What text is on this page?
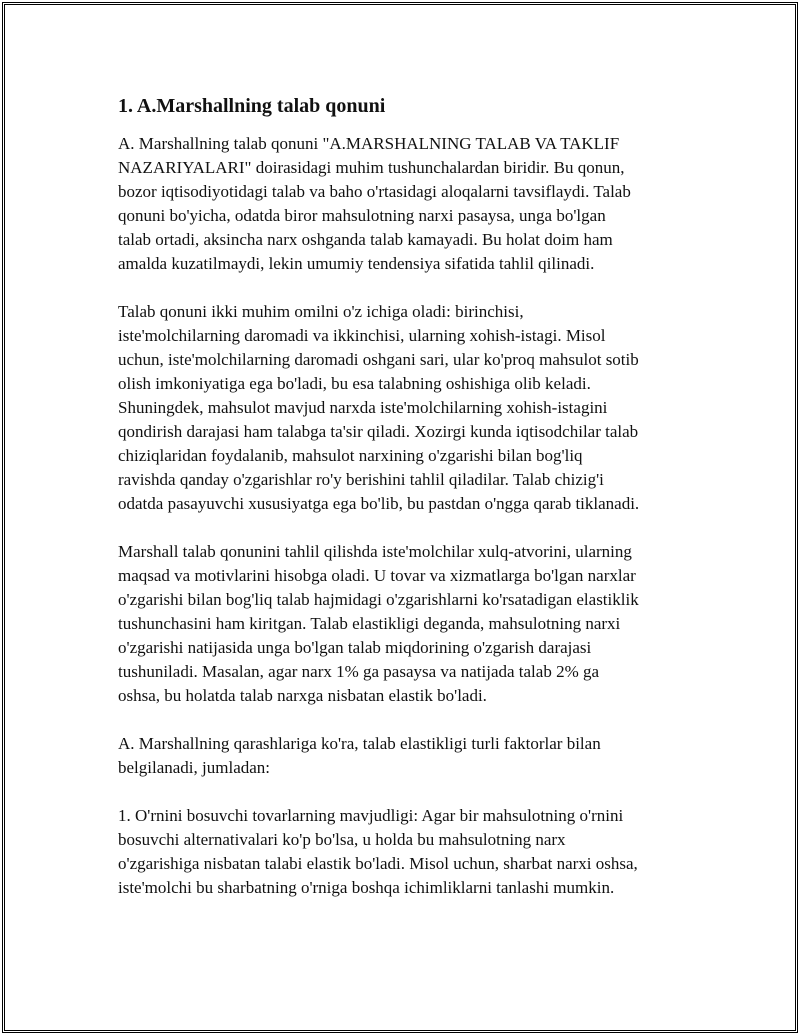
1. A.Marshallning talab qonuni
A. Marshallning talab qonuni "A.MARSHALNING TALAB VA TAKLIF
NAZARIYALARI" doirasidagi muhim tushunchalardan biridir. Bu qonun,
bozor iqtisodiyotidagi talab va baho o'rtasidagi aloqalarni tavsiflaydi. Talab
qonuni bo'yicha, odatda biror mahsulotning narxi pasaysa, unga bo'lgan
talab ortadi, aksincha narx oshganda talab kamayadi. Bu holat doim ham
amalda kuzatilmaydi, lekin umumiy tendensiya sifatida tahlil qilinadi.
Talab qonuni ikki muhim omilni o'z ichiga oladi: birinchisi,
iste'molchilarning daromadi va ikkinchisi, ularning xohish-istagi. Misol
uchun, iste'molchilarning daromadi oshgani sari, ular ko'proq mahsulot sotib
olish imkoniyatiga ega bo'ladi, bu esa talabning oshishiga olib keladi.
Shuningdek, mahsulot mavjud narxda iste'molchilarning xohish-istagini
qondirish darajasi ham talabga ta'sir qiladi. Xozirgi kunda iqtisodchilar talab
chiziqlaridan foydalanib, mahsulot narxining o'zgarishi bilan bog'liq
ravishda qanday o'zgarishlar ro'y berishini tahlil qiladilar. Talab chizig'i
odatda pasayuvchi xususiyatga ega bo'lib, bu pastdan o'ngga qarab tiklanadi.
Marshall talab qonunini tahlil qilishda iste'molchilar xulq-atvorini, ularning
maqsad va motivlarini hisobga oladi. U tovar va xizmatlarga bo'lgan narxlar
o'zgarishi bilan bog'liq talab hajmidagi o'zgarishlarni ko'rsatadigan elastiklik
tushunchasini ham kiritgan. Talab elastikligi deganda, mahsulotning narxi
o'zgarishi natijasida unga bo'lgan talab miqdorining o'zgarish darajasi
tushuniladi. Masalan, agar narx 1% ga pasaysa va natijada talab 2% ga
oshsa, bu holatda talab narxga nisbatan elastik bo'ladi.
A. Marshallning qarashlariga ko'ra, talab elastikligi turli faktorlar bilan
belgilanadi, jumladan:
1. O'rnini bosuvchi tovarlarning mavjudligi: Agar bir mahsulotning o'rnini
bosuvchi alternativalari ko'p bo'lsa, u holda bu mahsulotning narx
o'zgarishiga nisbatan talabi elastik bo'ladi. Misol uchun, sharbat narxi oshsa,
iste'molchi bu sharbatning o'rniga boshqa ichimliklarni tanlashi mumkin.
